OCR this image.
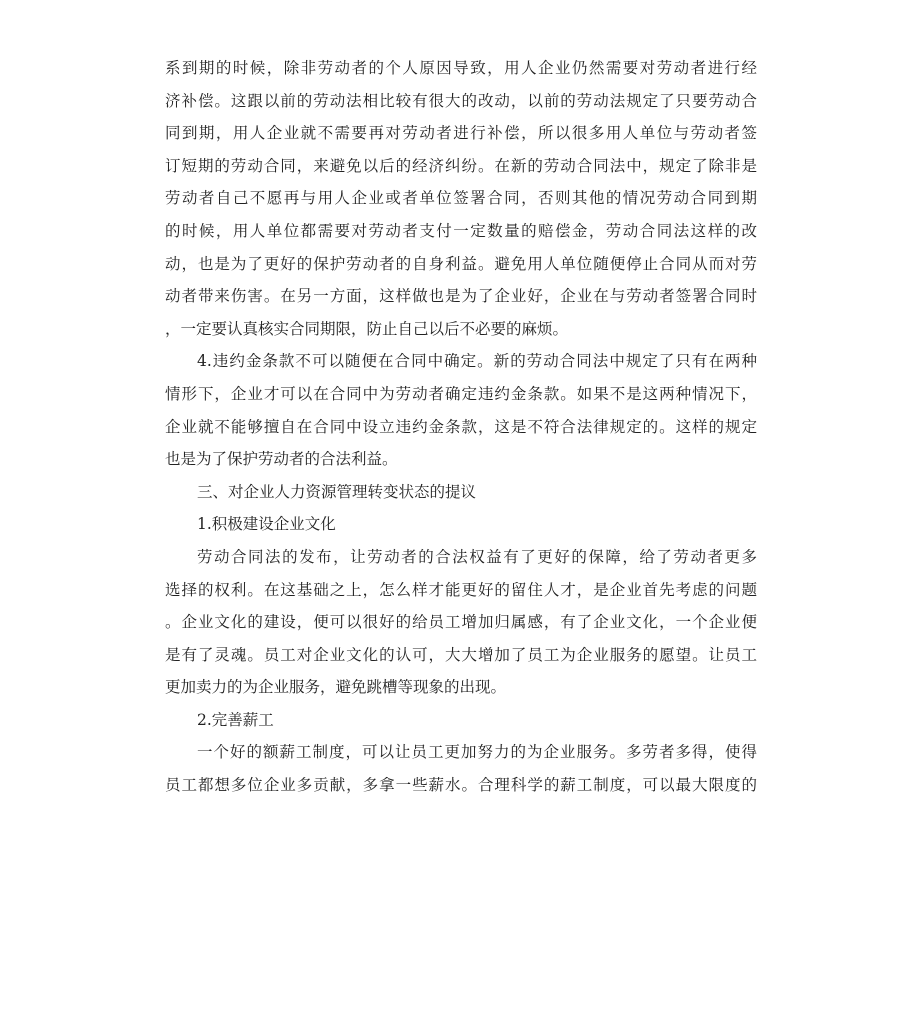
系到期的时候，除非劳动者的个人原因导致，用人企业仍然需要对劳动者进行经
济补偿。这跟以前的劳动法相比较有很大的改动，以前的劳动法规定了只要劳动合
同到期，用人企业就不需要再对劳动者进行补偿，所以很多用人单位与劳动者签
订短期的劳动合同，来避免以后的经济纠纷。在新的劳动合同法中，规定了除非是
劳动者自己不愿再与用人企业或者单位签署合同，否则其他的情况劳动合同到期
的时候，用人单位都需要对劳动者支付一定数量的赔偿金，劳动合同法这样的改
动，也是为了更好的保护劳动者的自身利益。避免用人单位随便停止合同从而对劳
动者带来伤害。在另一方面，这样做也是为了企业好，企业在与劳动者签署合同时
，一定要认真核实合同期限，防止自己以后不必要的麻烦。
4.违约金条款不可以随便在合同中确定。新的劳动合同法中规定了只有在两种
情形下，企业才可以在合同中为劳动者确定违约金条款。如果不是这两种情况下，
企业就不能够擅自在合同中设立违约金条款，这是不符合法律规定的。这样的规定
也是为了保护劳动者的合法利益。
三、对企业人力资源管理转变状态的提议
1.积极建设企业文化
劳动合同法的发布，让劳动者的合法权益有了更好的保障，给了劳动者更多
选择的权利。在这基础之上，怎么样才能更好的留住人才，是企业首先考虑的问题
。企业文化的建设，便可以很好的给员工增加归属感，有了企业文化，一个企业便
是有了灵魂。员工对企业文化的认可，大大增加了员工为企业服务的愿望。让员工
更加卖力的为企业服务，避免跳槽等现象的出现。
2.完善薪工
一个好的额薪工制度，可以让员工更加努力的为企业服务。多劳者多得，使得
员工都想多位企业多贡献，多拿一些薪水。合理科学的薪工制度，可以最大限度的
